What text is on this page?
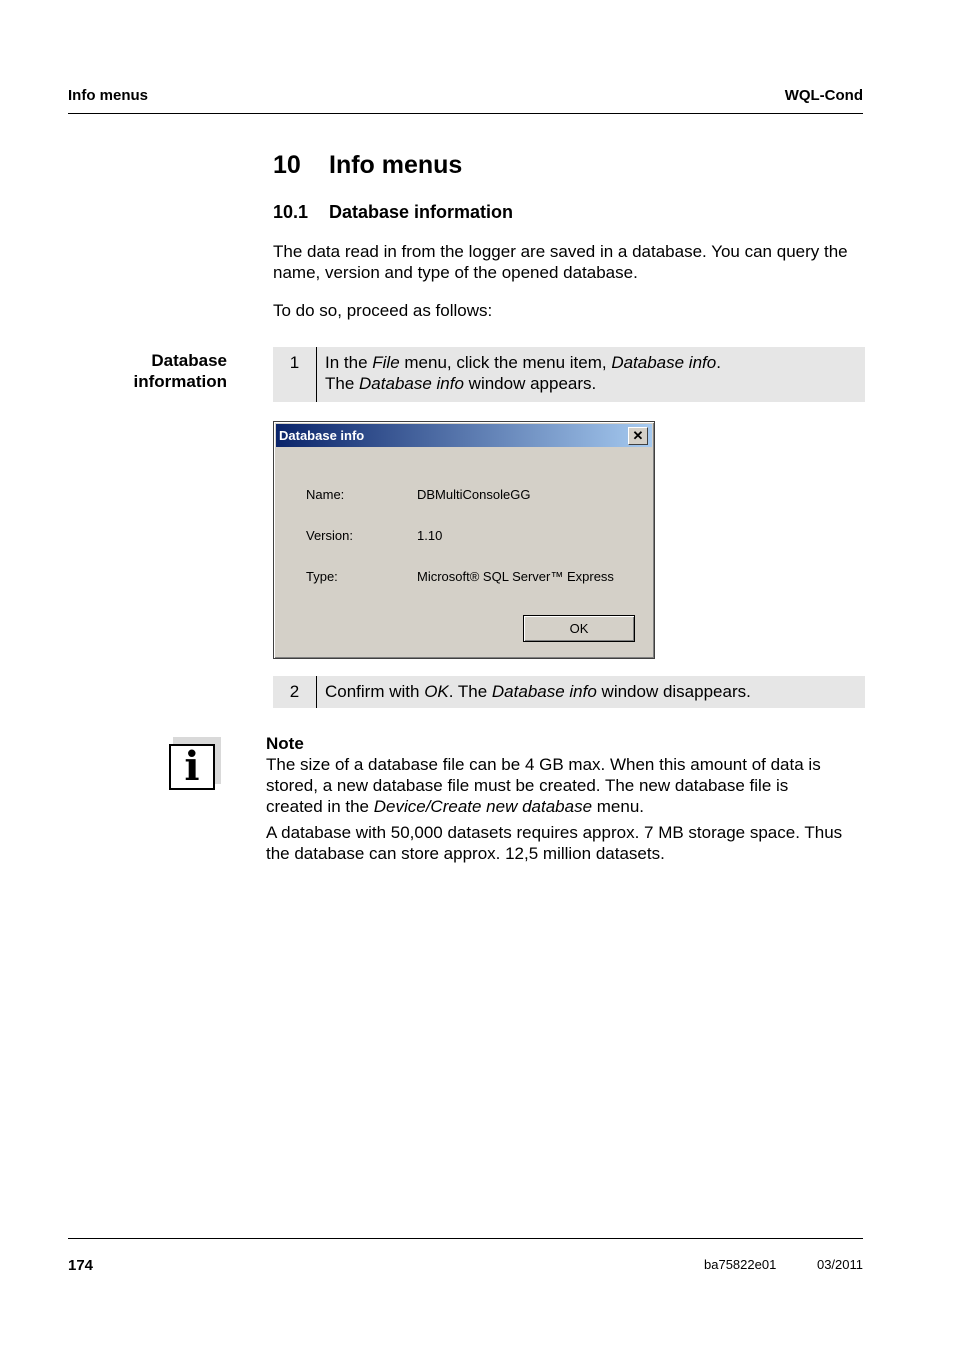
Info menus	WQL-Cond
10 Info menus
10.1 Database information
The data read in from the logger are saved in a database. You can query the
name, version and type of the opened database.
To do so, proceed as follows:
Database
information
1	In the File menu, click the menu item, Database info.
The Database info window appears.
Database info	✕
Name:	DBMultiConsoleGG
Version:	1.10
Type:	Microsoft® SQL Server™ Express
OK
2	Confirm with OK. The Database info window disappears.
i	Note
The size of a database file can be 4 GB max. When this amount of data is
stored, a new database file must be created. The new database file is
created in the Device/Create new database menu.
A database with 50,000 datasets requires approx. 7 MB storage space. Thus
the database can store approx. 12,5 million datasets.
174	ba75822e01	03/2011
